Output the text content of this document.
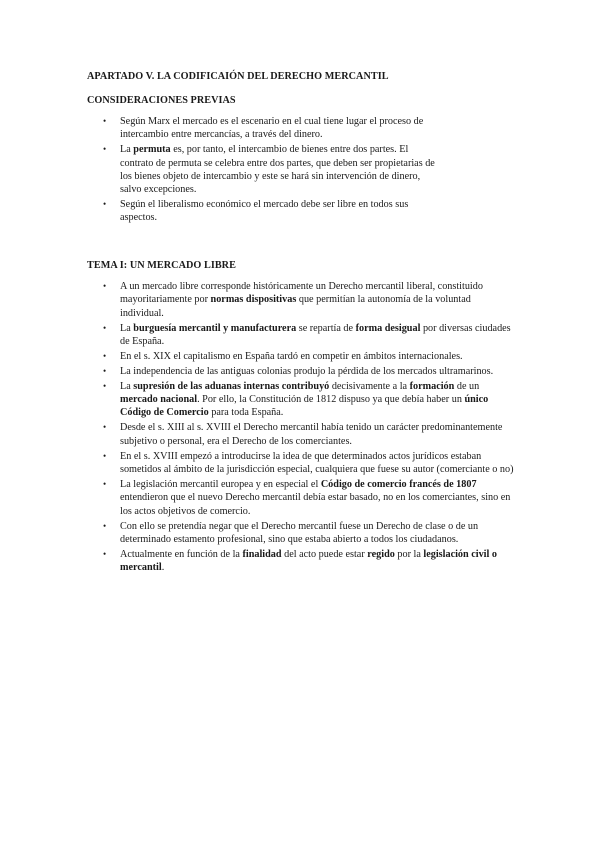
APARTADO V. LA CODIFICAIÓN DEL DERECHO MERCANTIL
CONSIDERACIONES PREVIAS
• Según Marx el mercado es el escenario en el cual tiene lugar el proceso de intercambio entre mercancías, a través del dinero.
• La permuta es, por tanto, el intercambio de bienes entre dos partes. El contrato de permuta se celebra entre dos partes, que deben ser propietarias de los bienes objeto de intercambio y este se hará sin intervención de dinero, salvo excepciones.
• Según el liberalismo económico el mercado debe ser libre en todos sus aspectos.
TEMA I: UN MERCADO LIBRE
• A un mercado libre corresponde históricamente un Derecho mercantil liberal, constituido mayoritariamente por normas dispositivas que permitían la autonomía de la voluntad individual.
• La burguesía mercantil y manufacturera se repartía de forma desigual por diversas ciudades de España.
• En el s. XIX el capitalismo en España tardó en competir en ámbitos internacionales.
• La independencia de las antiguas colonias produjo la pérdida de los mercados ultramarinos.
• La supresión de las aduanas internas contribuyó decisivamente a la formación de un mercado nacional. Por ello, la Constitución de 1812 dispuso ya que debía haber un único Código de Comercio para toda España.
• Desde el s. XIII al s. XVIII el Derecho mercantil había tenido un carácter predominantemente subjetivo o personal, era el Derecho de los comerciantes.
• En el s. XVIII empezó a introducirse la idea de que determinados actos jurídicos estaban sometidos al ámbito de la jurisdicción especial, cualquiera que fuese su autor (comerciante o no)
• La legislación mercantil europea y en especial el Código de comercio francés de 1807 entendieron que el nuevo Derecho mercantil debía estar basado, no en los comerciantes, sino en los actos objetivos de comercio.
• Con ello se pretendía negar que el Derecho mercantil fuese un Derecho de clase o de un determinado estamento profesional, sino que estaba abierto a todos los ciudadanos.
• Actualmente en función de la finalidad del acto puede estar regido por la legislación civil o mercantil.
